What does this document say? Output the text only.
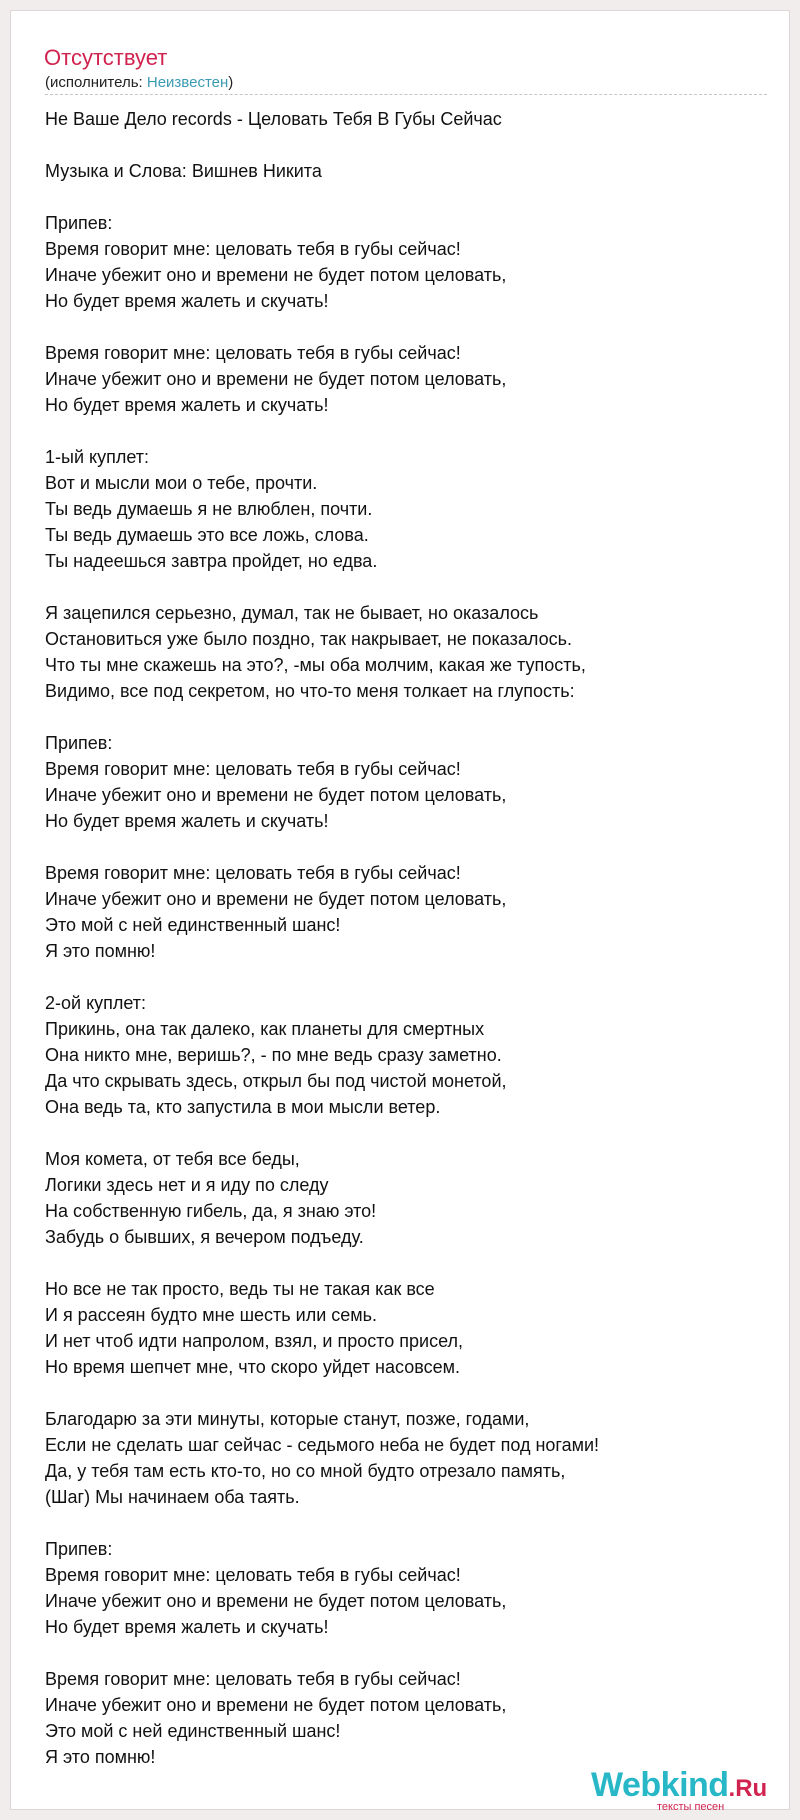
Отсутствует
(исполнитель: Неизвестен)
Не Ваше Дело records - Целовать Тебя В Губы Сейчас

Музыка и Слова: Вишнев Никита

Припев:
Время говорит мне: целовать тебя в губы сейчас!
Иначе убежит оно и времени не будет потом целовать,
Но будет время жалеть и скучать!

Время говорит мне: целовать тебя в губы сейчас!
Иначе убежит оно и времени не будет потом целовать,
Но будет время жалеть и скучать!

1-ый куплет:
Вот и мысли мои о тебе, прочти.
Ты ведь думаешь я не влюблен, почти.
Ты ведь думаешь это все ложь, слова.
Ты надеешься завтра пройдет, но едва.

Я зацепился серьезно, думал, так не бывает, но оказалось
Остановиться уже было поздно, так накрывает, не показалось.
Что ты мне скажешь на это?, -мы оба молчим, какая же тупость,
Видимо, все под секретом, но что-то меня толкает на глупость:

Припев:
Время говорит мне: целовать тебя в губы сейчас!
Иначе убежит оно и времени не будет потом целовать,
Но будет время жалеть и скучать!

Время говорит мне: целовать тебя в губы сейчас!
Иначе убежит оно и времени не будет потом целовать,
Это мой с ней единственный шанс!
Я это помню!

2-ой куплет:
Прикинь, она так далеко, как планеты для смертных
Она никто мне, веришь?, - по мне ведь сразу заметно.
Да что скрывать здесь, открыл бы под чистой монетой,
Она ведь та, кто запустила в мои мысли ветер.

Моя комета, от тебя все беды,
Логики здесь нет и я иду по следу
На собственную гибель, да, я знаю это!
Забудь о бывших, я вечером подъеду.

Но все не так просто, ведь ты не такая как все
И я рассеян будто мне шесть или семь.
И нет чтоб идти напролом, взял, и просто присел,
Но время шепчет мне, что скоро уйдет насовсем.

Благодарю за эти минуты, которые станут, позже, годами,
Если не сделать шаг сейчас - седьмого неба не будет под ногами!
Да, у тебя там есть кто-то, но со мной будто отрезало память,
(Шаг) Мы начинаем оба таять.

Припев:
Время говорит мне: целовать тебя в губы сейчас!
Иначе убежит оно и времени не будет потом целовать,
Но будет время жалеть и скучать!

Время говорит мне: целовать тебя в губы сейчас!
Иначе убежит оно и времени не будет потом целовать,
Это мой с ней единственный шанс!
Я это помню!
Webkind.Ru
тексты песен
